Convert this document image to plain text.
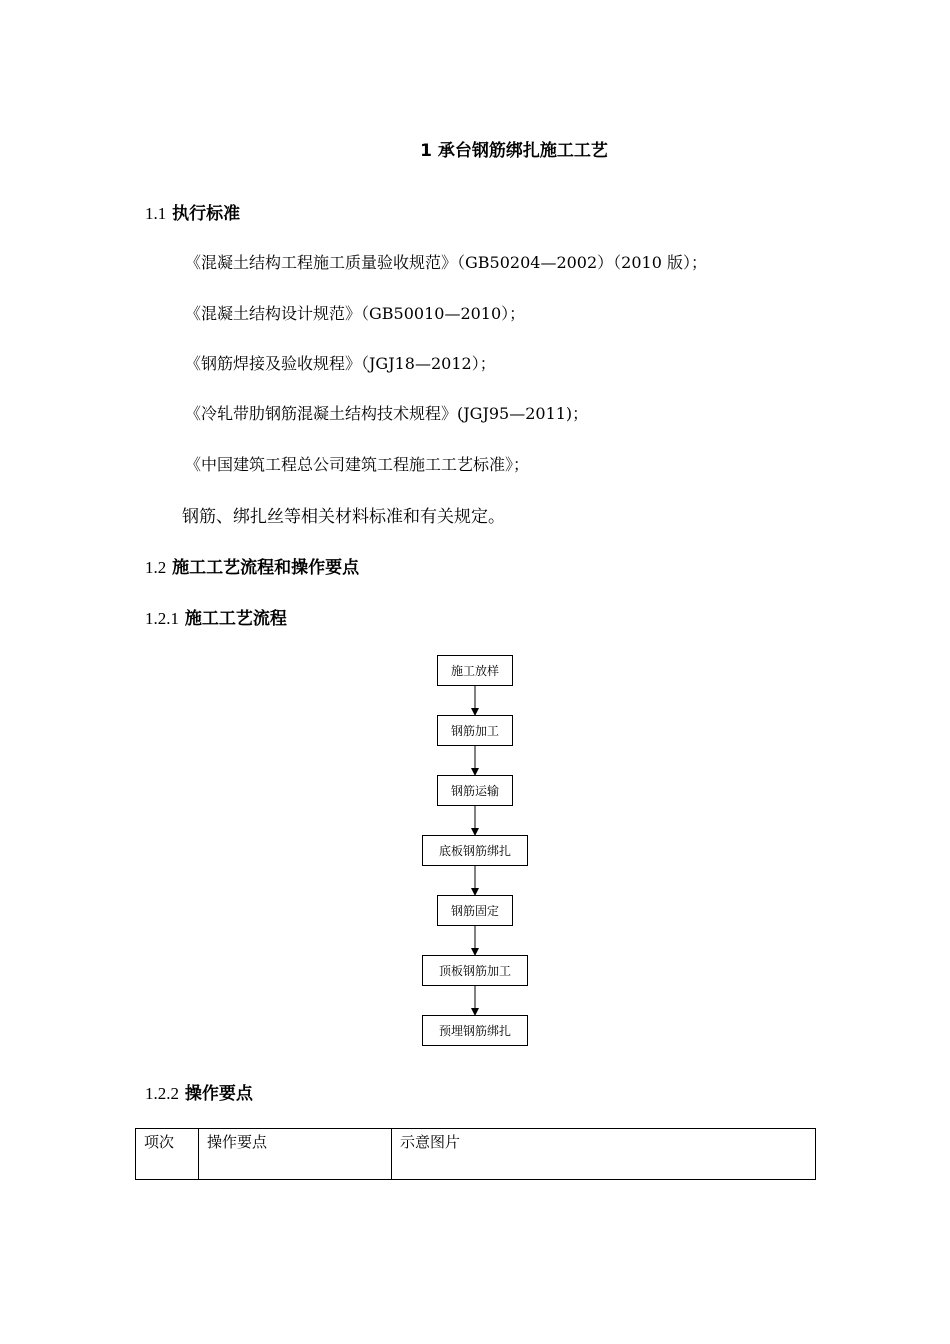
1 承台钢筋绑扎施工工艺
1.1 执行标准
《混凝土结构工程施工质量验收规范》（GB50204—2002）（2010 版）；
《混凝土结构设计规范》（GB50010—2010）；
《钢筋焊接及验收规程》（JGJ18—2012）；
《冷轧带肋钢筋混凝土结构技术规程》(JGJ95—2011)；
《中国建筑工程总公司建筑工程施工工艺标准》；
钢筋、绑扎丝等相关材料标准和有关规定。
1.2 施工工艺流程和操作要点
1.2.1 施工工艺流程
施工放样
钢筋加工
钢筋运输
底板钢筋绑扎
钢筋固定
顶板钢筋加工
预埋钢筋绑扎
1.2.2 操作要点
项次	操作要点	示意图片
